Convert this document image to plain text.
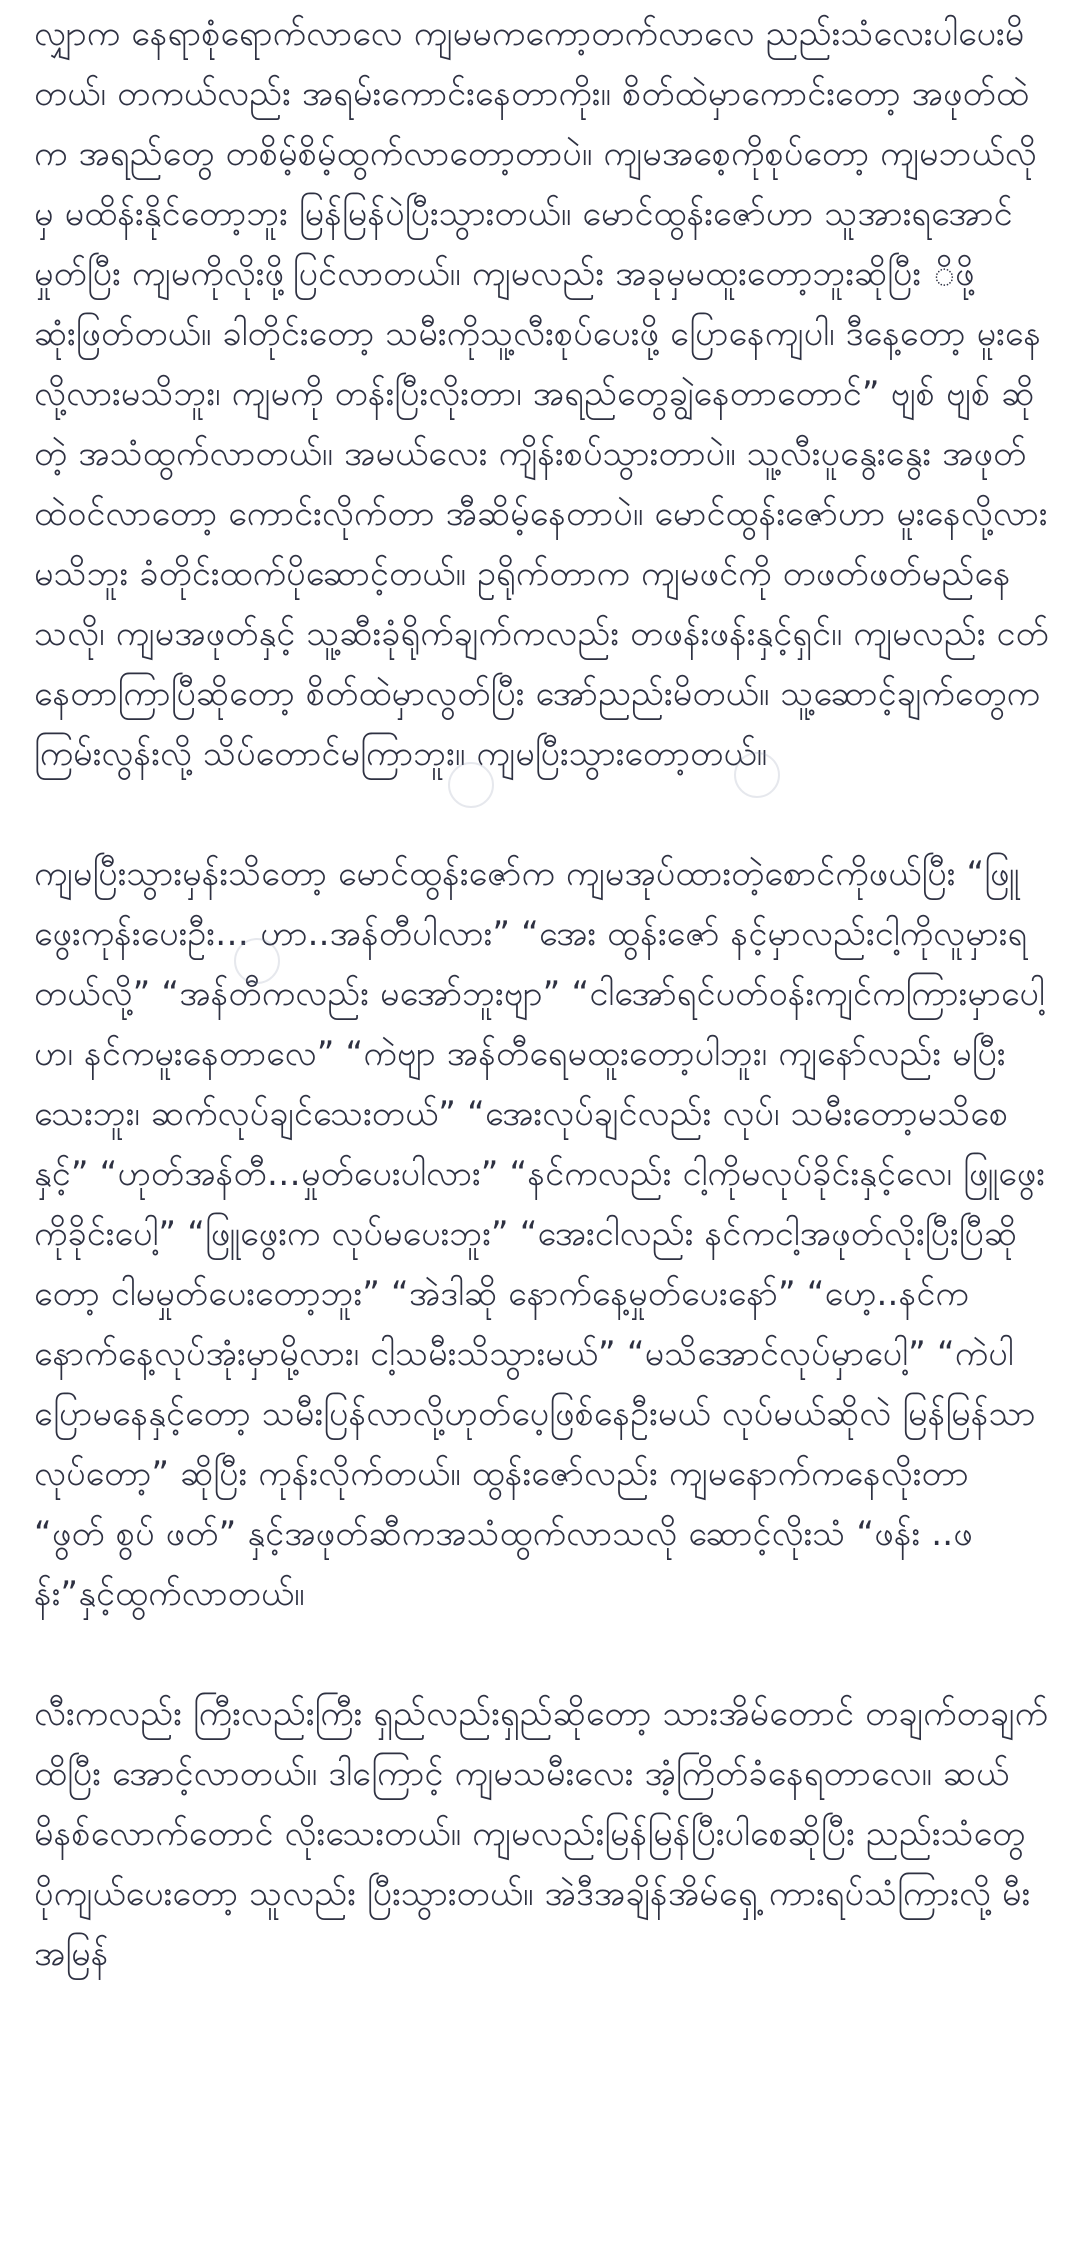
လျှာက နေရာစုံရောက်လာလေ ကျမမကကော့တက်လာလေ ညည်းသံလေးပါပေးမိတယ်၊ တကယ်လည်း အရမ်းကောင်းနေတာကိုး။ စိတ်ထဲမှာကောင်းတော့ အဖုတ်ထဲက အရည်တွေ တစိမ့်စိမ့်ထွက်လာတော့တာပဲ။ ကျမအစေ့ကိုစုပ်တော့ ကျမဘယ်လိုမှ မထိန်းနိုင်တော့ဘူး မြန်မြန်ပဲပြီးသွားတယ်။ မောင်ထွန်းဇော်ဟာ သူအားရအောင်မှုတ်ပြီး ကျမကိုလိုးဖို့ပြင်လာတယ်၊၊ ကျမလည်း အခုမှမထူးတော့ဘူးဆိုပြီး ိဖို့ဆုံးဖြတ်တယ်။ ခါတိုင်းတော့ သမီးကိုသူ့လီးစုပ်ပေးဖို့ ပြောနေကျပါ၊ ဒီနေ့တော့ မူးနေလို့လားမသိဘူး၊ ကျမကို တန်းပြီးလိုးတာ၊ အရည်တွေချွဲနေတာတောင်” ဗျစ် ဗျစ် ဆိုတဲ့ အသံထွက်လာတယ်၊၊ အမယ်လေး ကျိန်းစပ်သွားတာပဲ။ သူ့လီးပူနွေးနွေး အဖုတ်ထဲဝင်လာတော့ ကောင်းလိုက်တာ အီဆိမ့်နေတာပဲ။ မောင်ထွန်းဇော်ဟာ မူးနေလို့လားမသိဘူး ခံတိုင်းထက်ပိုဆောင့်တယ်။ ဥရိုက်တာက ကျမဖင်ကို တဖတ်ဖတ်မည်နေသလို၊ ကျမအဖုတ်နှင့် သူ့ဆီးခုံရိုက်ချက်ကလည်း တဖန်းဖန်းနှင့်ရှင်၊၊ ကျမလည်း ငတ်နေတာကြာပြီဆိုတော့ စိတ်ထဲမှာလွတ်ပြီး အော်ညည်းမိတယ်။ သူ့ဆောင့်ချက်တွေက ကြမ်းလွန်းလို့ သိပ်တောင်မကြာဘူး။ ကျမပြီးသွားတော့တယ်။

ကျမပြီးသွားမှန်းသိတော့ မောင်ထွန်းဇော်က ကျမအုပ်ထားတဲ့စောင်ကိုဖယ်ပြီး “ဖြူဖွေးကုန်းပေးဦး… ဟာ..အန်တီပါလား” “အေး ထွန်းဇော် နင့်မှာလည်းငါ့ကိုလူမှားရတယ်လို့” “အန်တီကလည်း မအော်ဘူးဗျာ” “ငါအော်ရင်ပတ်ဝန်းကျင်ကကြားမှာပေါ့ဟ၊ နင်ကမူးနေတာလေ” “ကဲဗျာ အန်တီရေမထူးတော့ပါဘူး၊ ကျနော်လည်း မပြီးသေးဘူး၊ ဆက်လုပ်ချင်သေးတယ်” “အေးလုပ်ချင်လည်း လုပ်၊ သမီးတော့မသိစေနှင့်” “ဟုတ်အန်တီ…မှုတ်ပေးပါလား” “နင်ကလည်း ငါ့ကိုမလုပ်ခိုင်းနှင့်လေ၊ ဖြူဖွေးကိုခိုင်းပေါ့” “ဖြူဖွေးက လုပ်မပေးဘူး” “အေးငါလည်း နင်ကငါ့အဖုတ်လိုးပြီးပြီဆိုတော့ ငါမမှုတ်ပေးတော့ဘူး” “အဲဒါဆို နောက်နေ့မှုတ်ပေးနော်” “ဟေ့..နင်ကနောက်နေ့လုပ်အုံးမှာမို့လား၊ ငါ့သမီးသိသွားမယ်” “မသိအောင်လုပ်မှာပေါ့” “ကဲပါပြောမနေနှင့်တော့ သမီးပြန်လာလို့ဟုတ်ပေ့ဖြစ်နေဦးမယ် လုပ်မယ်ဆိုလဲ မြန်မြန်သာလုပ်တော့” ဆိုပြီး ကုန်းလိုက်တယ်။ ထွန်းဇော်လည်း ကျမနောက်ကနေလိုးတာ “ဖွတ် စွပ် ဖတ်” နှင့်အဖုတ်ဆီကအသံထွက်လာသလို ဆောင့်လိုးသံ “ဖန်း ..ဖန်း”နှင့်ထွက်လာတယ်။

လီးကလည်း ကြီးလည်းကြီး ရှည်လည်းရှည်ဆိုတော့ သားအိမ်တောင် တချက်တချက်ထိပြီး အောင့်လာတယ်၊၊ ဒါကြောင့် ကျမသမီးလေး အံ့ကြိတ်ခံနေရတာလေ။ ဆယ်မိနစ်လောက်တောင် လိုးသေးတယ်။ ကျမလည်းမြန်မြန်ပြီးပါစေဆိုပြီး ညည်းသံတွေ ပိုကျယ်ပေးတော့ သူလည်း ပြီးသွားတယ်။ အဲဒီအချိန်အိမ်ရှေ့ ကားရပ်သံကြားလို့ မီးအမြန်
